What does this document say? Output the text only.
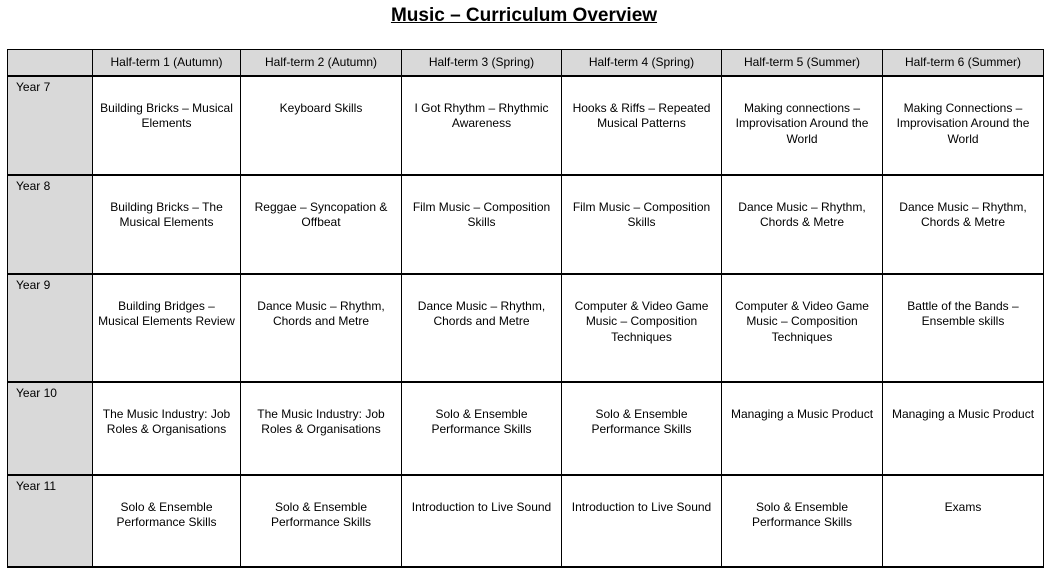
Music – Curriculum Overview
	Half-term 1 (Autumn)	Half-term 2 (Autumn)	Half-term 3 (Spring)	Half-term 4 (Spring)	Half-term 5 (Summer)	Half-term 6 (Summer)
Year 7	Building Bricks – Musical Elements	Keyboard Skills	I Got Rhythm – Rhythmic Awareness	Hooks & Riffs – Repeated Musical Patterns	Making connections – Improvisation Around the World	Making Connections – Improvisation Around the World
Year 8	Building Bricks – The Musical Elements	Reggae – Syncopation & Offbeat	Film Music – Composition Skills	Film Music – Composition Skills	Dance Music – Rhythm, Chords & Metre	Dance Music – Rhythm, Chords & Metre
Year 9	Building Bridges – Musical Elements Review	Dance Music – Rhythm, Chords and Metre	Dance Music – Rhythm, Chords and Metre	Computer & Video Game Music – Composition Techniques	Computer & Video Game Music – Composition Techniques	Battle of the Bands – Ensemble skills
Year 10	The Music Industry: Job Roles & Organisations	The Music Industry: Job Roles & Organisations	Solo & Ensemble Performance Skills	Solo & Ensemble Performance Skills	Managing a Music Product	Managing a Music Product
Year 11	Solo & Ensemble Performance Skills	Solo & Ensemble Performance Skills	Introduction to Live Sound	Introduction to Live Sound	Solo & Ensemble Performance Skills	Exams
